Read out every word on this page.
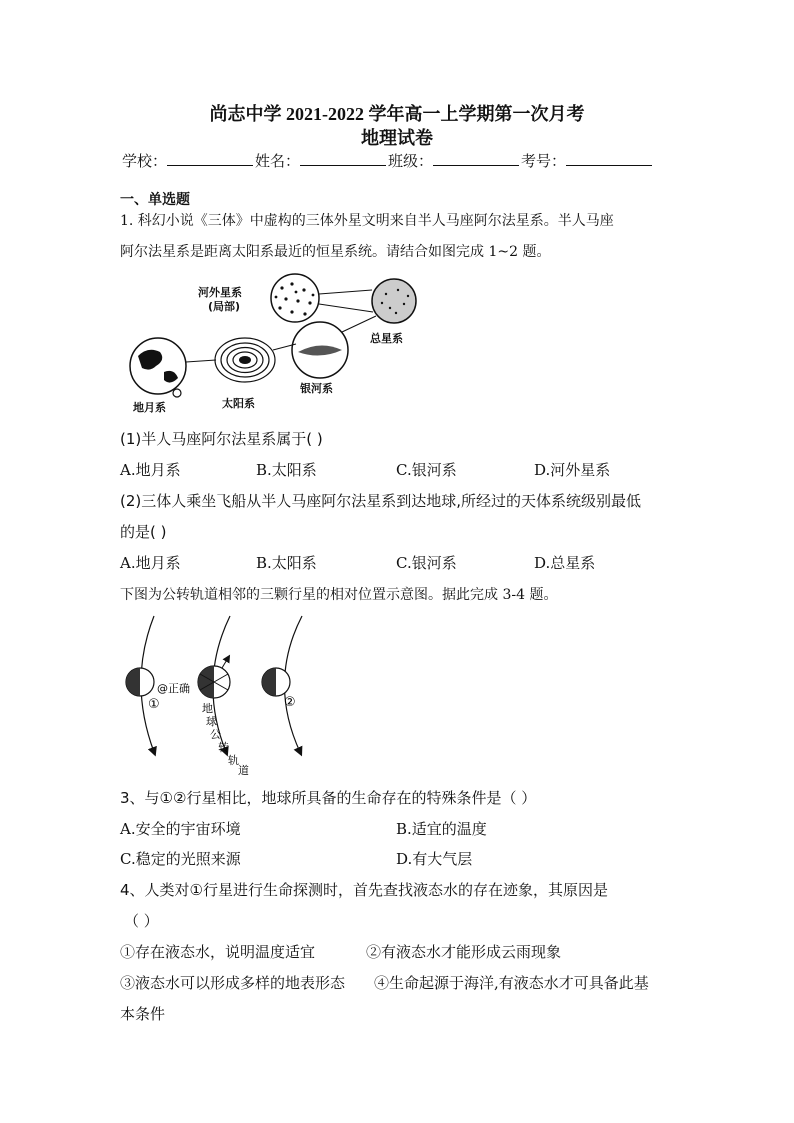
尚志中学 2021-2022 学年高一上学期第一次月考
地理试卷
学校：	姓名：	班级：	考号：
一、单选题
1. 科幻小说《三体》中虚构的三体外星文明来自半人马座阿尔法星系。半人马座
阿尔法星系是距离太阳系最近的恒星系统。请结合如图完成 1~2 题。
河外星系
(局部)
总星系
地月系	太阳系
银河系
(1)半人马座阿尔法星系属于( )
A.地月系	B.太阳系	C.银河系	D.河外星系
(2)三体人乘坐飞船从半人马座阿尔法星系到达地球,所经过的天体系统级别最低
的是( )
A.地月系	B.太阳系	C.银河系	D.总星系
下图为公转轨道相邻的三颗行星的相对位置示意图。据此完成 3-4 题。
①
@正确
地
球
公
转
轨
道
②
3、与①②行星相比，地球所具备的生命存在的特殊条件是（ ）
A.安全的宇宙环境	B.适宜的温度
C.稳定的光照来源	D.有大气层
4、人类对①行星进行生命探测时，首先查找液态水的存在迹象，其原因是
（ ）
①存在液态水，说明温度适宜	②有液态水才能形成云雨现象
③液态水可以形成多样的地表形态 ④生命起源于海洋,有液态水才可具备此基
本条件
